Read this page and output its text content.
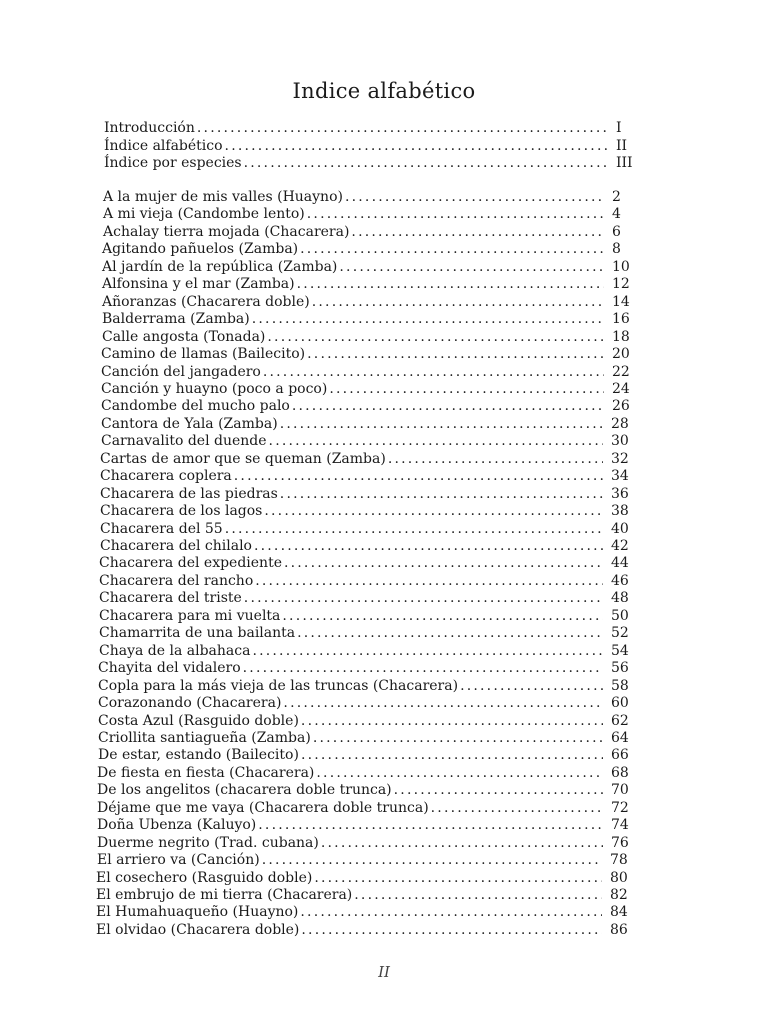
Indice alfabético
Introducción .....	I
Índice alfabético .....	II
Índice por especies .....	III
A la mujer de mis valles (Huayno) .....	2
A mi vieja (Candombe lento) .....	4
Achalay tierra mojada (Chacarera) .....	6
Agitando pañuelos (Zamba) .....	8
Al jardín de la república (Zamba) .....	10
Alfonsina y el mar (Zamba) .....	12
Añoranzas (Chacarera doble) .....	14
Balderrama (Zamba) .....	16
Calle angosta (Tonada) .....	18
Camino de llamas (Bailecito) .....	20
Canción del jangadero .....	22
Canción y huayno (poco a poco) .....	24
Candombe del mucho palo .....	26
Cantora de Yala (Zamba) .....	28
Carnavalito del duende .....	30
Cartas de amor que se queman (Zamba) .....	32
Chacarera coplera .....	34
Chacarera de las piedras .....	36
Chacarera de los lagos .....	38
Chacarera del 55 .....	40
Chacarera del chilalo .....	42
Chacarera del expediente .....	44
Chacarera del rancho .....	46
Chacarera del triste .....	48
Chacarera para mi vuelta .....	50
Chamarrita de una bailanta .....	52
Chaya de la albahaca .....	54
Chayita del vidalero .....	56
Copla para la más vieja de las truncas (Chacarera) .....	58
Corazonando (Chacarera) .....	60
Costa Azul (Rasguido doble) .....	62
Criollita santiagueña (Zamba) .....	64
De estar, estando (Bailecito) .....	66
De fiesta en fiesta (Chacarera) .....	68
De los angelitos (chacarera doble trunca) .....	70
Déjame que me vaya (Chacarera doble trunca) .....	72
Doña Ubenza (Kaluyo) .....	74
Duerme negrito (Trad. cubana) .....	76
El arriero va (Canción) .....	78
El cosechero (Rasguido doble) .....	80
El embrujo de mi tierra (Chacarera) .....	82
El Humahuaqueño (Huayno) .....	84
El olvidao (Chacarera doble) .....	86
II
